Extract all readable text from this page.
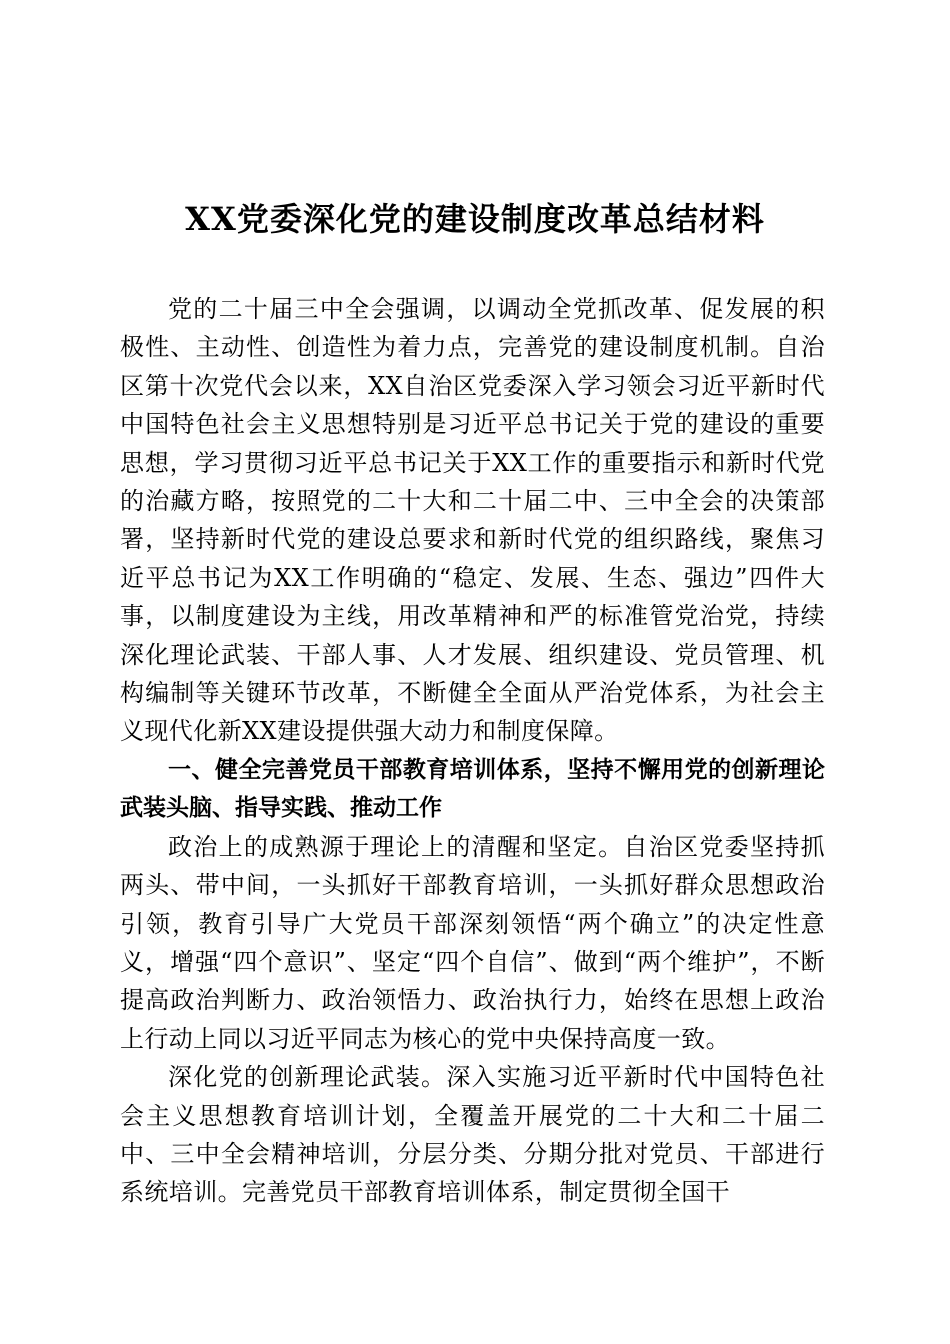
XX党委深化党的建设制度改革总结材料

党的二十届三中全会强调，以调动全党抓改革、促发展的积极性、主动性、创造性为着力点，完善党的建设制度机制。自治区第十次党代会以来，XX自治区党委深入学习领会习近平新时代中国特色社会主义思想特别是习近平总书记关于党的建设的重要思想，学习贯彻习近平总书记关于XX工作的重要指示和新时代党的治藏方略，按照党的二十大和二十届二中、三中全会的决策部署，坚持新时代党的建设总要求和新时代党的组织路线，聚焦习近平总书记为XX工作明确的“稳定、发展、生态、强边”四件大事，以制度建设为主线，用改革精神和严的标准管党治党，持续深化理论武装、干部人事、人才发展、组织建设、党员管理、机构编制等关键环节改革，不断健全全面从严治党体系，为社会主义现代化新XX建设提供强大动力和制度保障。

一、健全完善党员干部教育培训体系，坚持不懈用党的创新理论武装头脑、指导实践、推动工作

政治上的成熟源于理论上的清醒和坚定。自治区党委坚持抓两头、带中间，一头抓好干部教育培训，一头抓好群众思想政治引领，教育引导广大党员干部深刻领悟“两个确立”的决定性意义，增强“四个意识”、坚定“四个自信”、做到“两个维护”，不断提高政治判断力、政治领悟力、政治执行力，始终在思想上政治上行动上同以习近平同志为核心的党中央保持高度一致。

深化党的创新理论武装。深入实施习近平新时代中国特色社会主义思想教育培训计划，全覆盖开展党的二十大和二十届二中、三中全会精神培训，分层分类、分期分批对党员、干部进行系统培训。完善党员干部教育培训体系，制定贯彻全国干
